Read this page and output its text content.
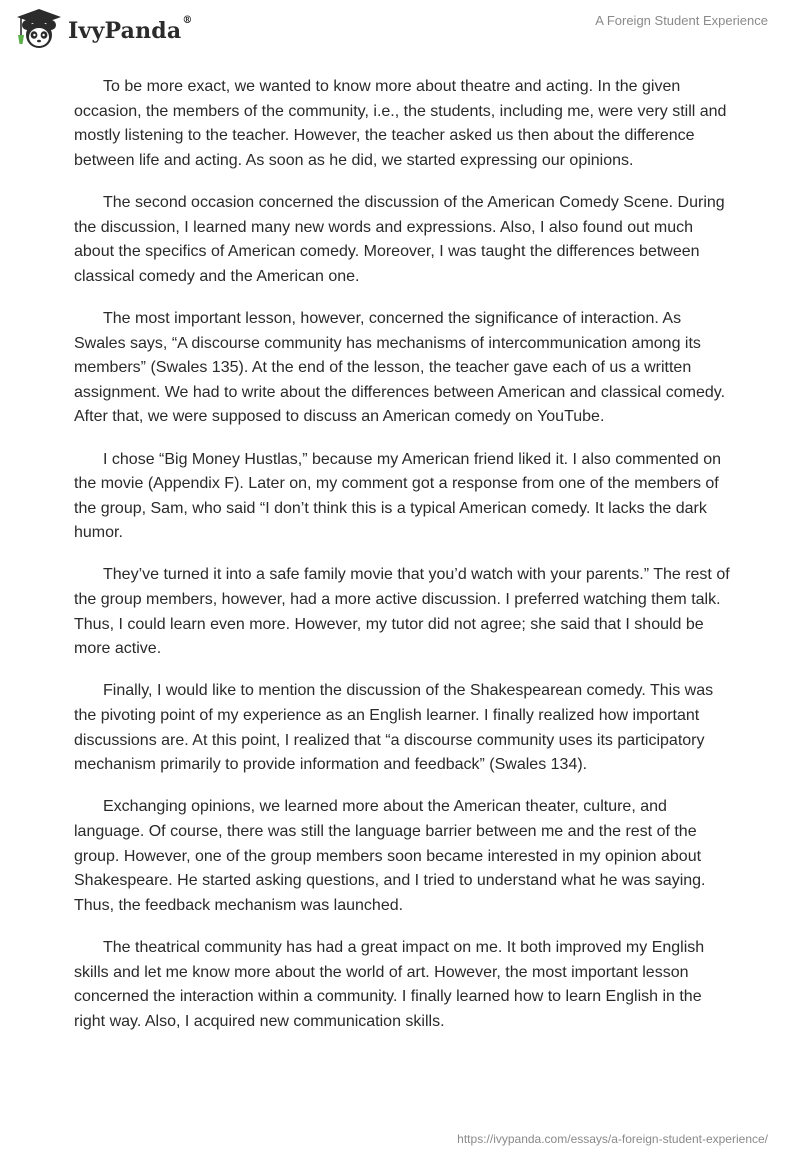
IvyPanda®	A Foreign Student Experience

To be more exact, we wanted to know more about theatre and acting. In the given occasion, the members of the community, i.e., the students, including me, were very still and mostly listening to the teacher. However, the teacher asked us then about the difference between life and acting. As soon as he did, we started expressing our opinions.

The second occasion concerned the discussion of the American Comedy Scene. During the discussion, I learned many new words and expressions. Also, I also found out much about the specifics of American comedy. Moreover, I was taught the differences between classical comedy and the American one.

The most important lesson, however, concerned the significance of interaction. As Swales says, “A discourse community has mechanisms of intercommunication among its members” (Swales 135). At the end of the lesson, the teacher gave each of us a written assignment. We had to write about the differences between American and classical comedy. After that, we were supposed to discuss an American comedy on YouTube.

I chose “Big Money Hustlas,” because my American friend liked it. I also commented on the movie (Appendix F). Later on, my comment got a response from one of the members of the group, Sam, who said “I don’t think this is a typical American comedy. It lacks the dark humor.

They’ve turned it into a safe family movie that you’d watch with your parents.” The rest of the group members, however, had a more active discussion. I preferred watching them talk. Thus, I could learn even more. However, my tutor did not agree; she said that I should be more active.

Finally, I would like to mention the discussion of the Shakespearean comedy. This was the pivoting point of my experience as an English learner. I finally realized how important discussions are. At this point, I realized that “a discourse community uses its participatory mechanism primarily to provide information and feedback” (Swales 134).

Exchanging opinions, we learned more about the American theater, culture, and language. Of course, there was still the language barrier between me and the rest of the group. However, one of the group members soon became interested in my opinion about Shakespeare. He started asking questions, and I tried to understand what he was saying. Thus, the feedback mechanism was launched.

The theatrical community has had a great impact on me. It both improved my English skills and let me know more about the world of art. However, the most important lesson concerned the interaction within a community. I finally learned how to learn English in the right way. Also, I acquired new communication skills.

https://ivypanda.com/essays/a-foreign-student-experience/
